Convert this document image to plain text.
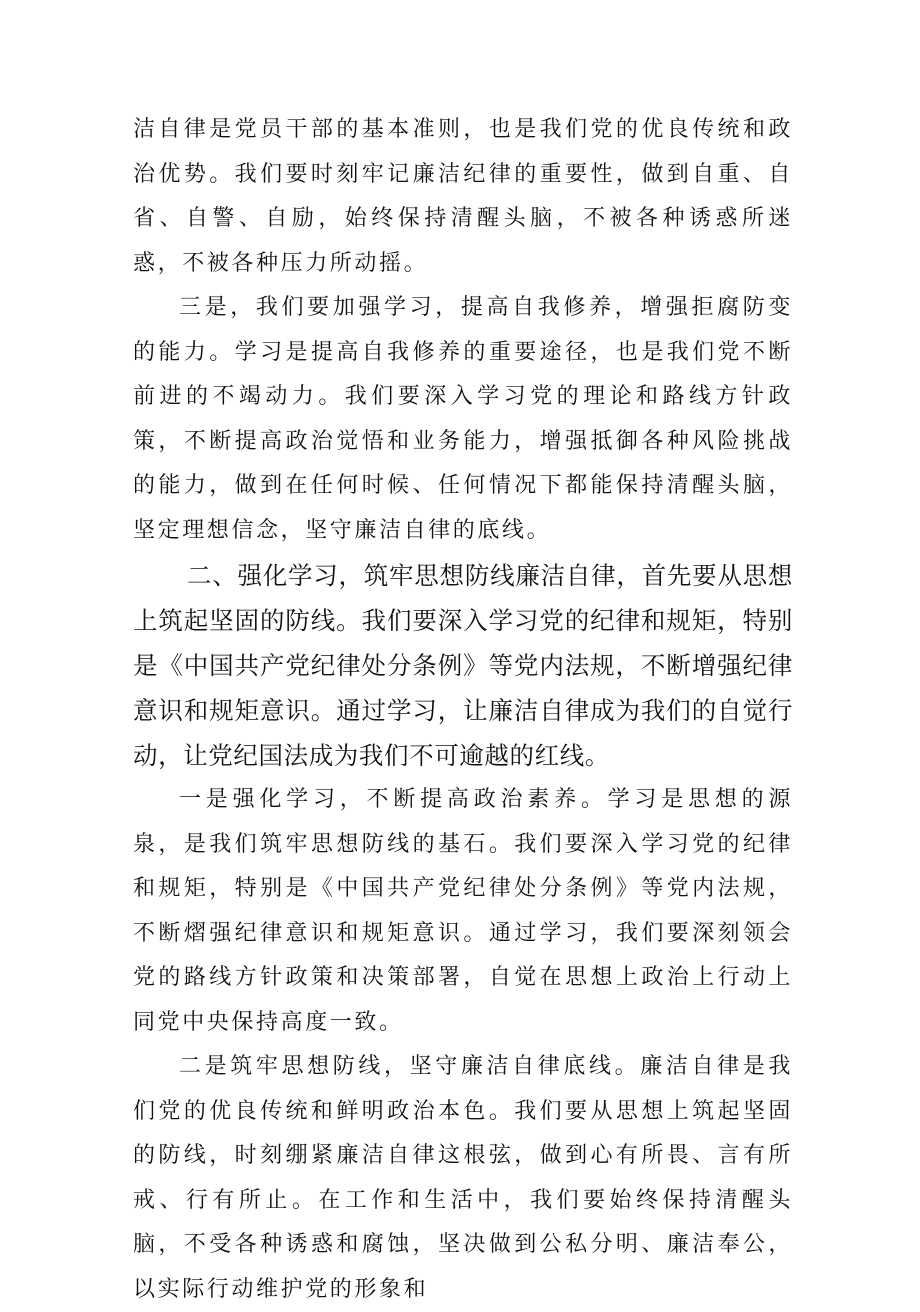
洁自律是党员干部的基本准则，也是我们党的优良传统和政治优势。我们要时刻牢记廉洁纪律的重要性，做到自重、自省、自警、自励，始终保持清醒头脑，不被各种诱惑所迷惑，不被各种压力所动摇。

三是，我们要加强学习，提高自我修养，增强拒腐防变的能力。学习是提高自我修养的重要途径，也是我们党不断前进的不竭动力。我们要深入学习党的理论和路线方针政策，不断提高政治觉悟和业务能力，增强抵御各种风险挑战的能力，做到在任何时候、任何情况下都能保持清醒头脑，坚定理想信念，坚守廉洁自律的底线。

二、强化学习，筑牢思想防线廉洁自律，首先要从思想上筑起坚固的防线。我们要深入学习党的纪律和规矩，特别是《中国共产党纪律处分条例》等党内法规，不断增强纪律意识和规矩意识。通过学习，让廉洁自律成为我们的自觉行动，让党纪国法成为我们不可逾越的红线。

一是强化学习，不断提高政治素养。学习是思想的源泉，是我们筑牢思想防线的基石。我们要深入学习党的纪律和规矩，特别是《中国共产党纪律处分条例》等党内法规，不断熠强纪律意识和规矩意识。通过学习，我们要深刻领会党的路线方针政策和决策部署，自觉在思想上政治上行动上同党中央保持高度一致。

二是筑牢思想防线，坚守廉洁自律底线。廉洁自律是我们党的优良传统和鲜明政治本色。我们要从思想上筑起坚固的防线，时刻绷紧廉洁自律这根弦，做到心有所畏、言有所戒、行有所止。在工作和生活中，我们要始终保持清醒头脑，不受各种诱惑和腐蚀，坚决做到公私分明、廉洁奉公，以实际行动维护党的形象和
